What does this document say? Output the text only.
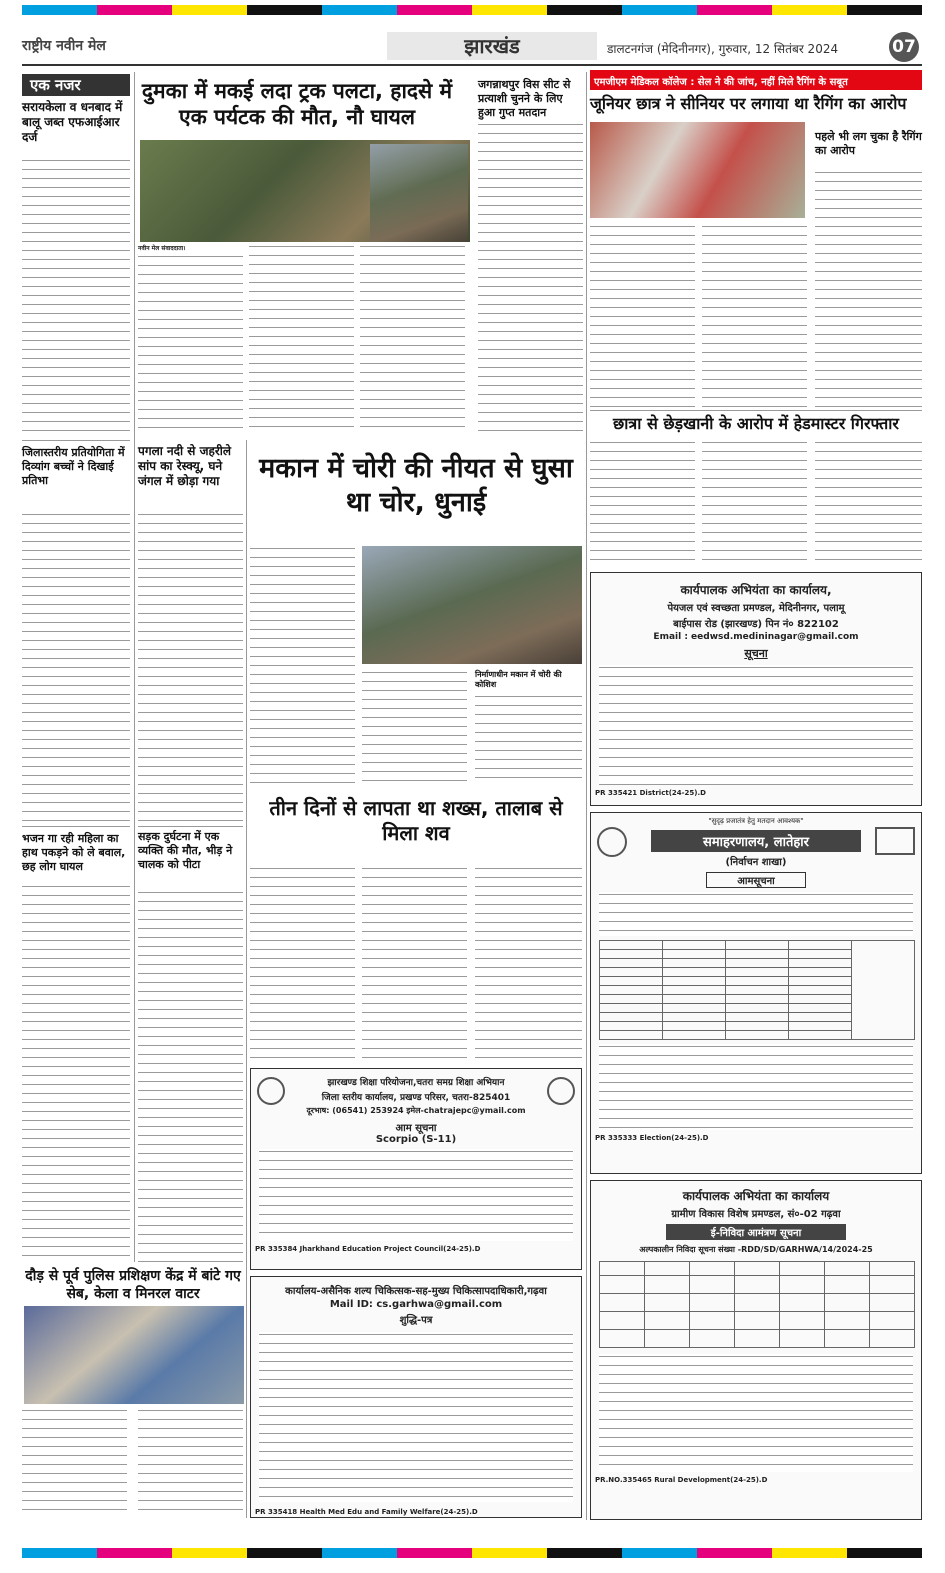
राष्ट्रीय नवीन मेल	झारखंड	डालटनगंज (मेदिनीनगर), गुरुवार, 12 सितंबर 2024	07
एक नजर
सरायकेला व धनबाद में बालू जब्त एफआईआर दर्ज

जिलास्तरीय प्रतियोगिता में दिव्यांग बच्चों ने दिखाई प्रतिभा

भजन गा रही महिला का हाथ पकड़ने को ले बवाल, छह लोग घायल

दुमका में मकई लदा ट्रक पलटा, हादसे में एक पर्यटक की मौत, नौ घायल
नवीन मेल संवाददाता।

जगन्नाथपुर विस सीट से प्रत्याशी चुनने के लिए हुआ गुप्त मतदान

एमजीएम मेडिकल कॉलेज : सेल ने की जांच, नहीं मिले रैगिंग के सबूत
जूनियर छात्र ने सीनियर पर लगाया था रैगिंग का आरोप
पहले भी लग चुका है रैगिंग का आरोप

छात्रा से छेड़खानी के आरोप में हेडमास्टर गिरफ्तार

कार्यपालक अभियंता का कार्यालय,
पेयजल एवं स्वच्छता प्रमण्डल, मेदिनीनगर, पलामू
बाईपास रोड (झारखण्ड) पिन नं० 822102
Email : eedwsd.medininagar@gmail.com
सूचना

PR 335421 District(24-25).D
पगला नदी से जहरीले सांप का रेस्क्यू, घने जंगल में छोड़ा गया	मकान में चोरी की नीयत से घुसा था चोर, धुनाई

निर्माणाधीन मकान में चोरी की कोशिश

सड़क दुर्घटना में एक व्यक्ति की मौत, भीड़ ने चालक को पीटा

तीन दिनों से लापता था शख्स, तालाब से मिला शव

झारखण्ड शिक्षा परियोजना,चतरा समग्र शिक्षा अभियान
जिला स्तरीय कार्यालय, प्रखण्ड परिसर, चतरा-825401
दूरभाष: (06541) 253924 इमेल-chatrajepc@ymail.com
आम सूचना
Scorpio (S-11)

PR 335384 Jharkhand Education Project Council(24-25).D
कार्यालय-असैनिक शल्य चिकित्सक-सह-मुख्य चिकित्सापदाधिकारी,गढ़वा
Mail ID: cs.garhwa@gmail.com
शुद्धि-पत्र

PR 335418 Health Med Edu and Family Welfare(24-25).D
दौड़ से पूर्व पुलिस प्रशिक्षण केंद्र में बांटे गए सेब, केला व मिनरल वाटर

"सुदृढ़ प्रजातंत्र हेतु मतदान आवश्यक"
समाहरणालय, लातेहार
(निर्वाचन शाखा)
आमसूचना

PR 335333 Election(24-25).D
कार्यपालक अभियंता का कार्यालय
ग्रामीण विकास विशेष प्रमण्डल, सं०-02 गढ़वा
ई-निविदा आमंत्रण सूचना
अल्पकालीन निविदा सूचना संख्या -RDD/SD/GARHWA/14/2024-25

PR.NO.335465 Rural Development(24-25).D
